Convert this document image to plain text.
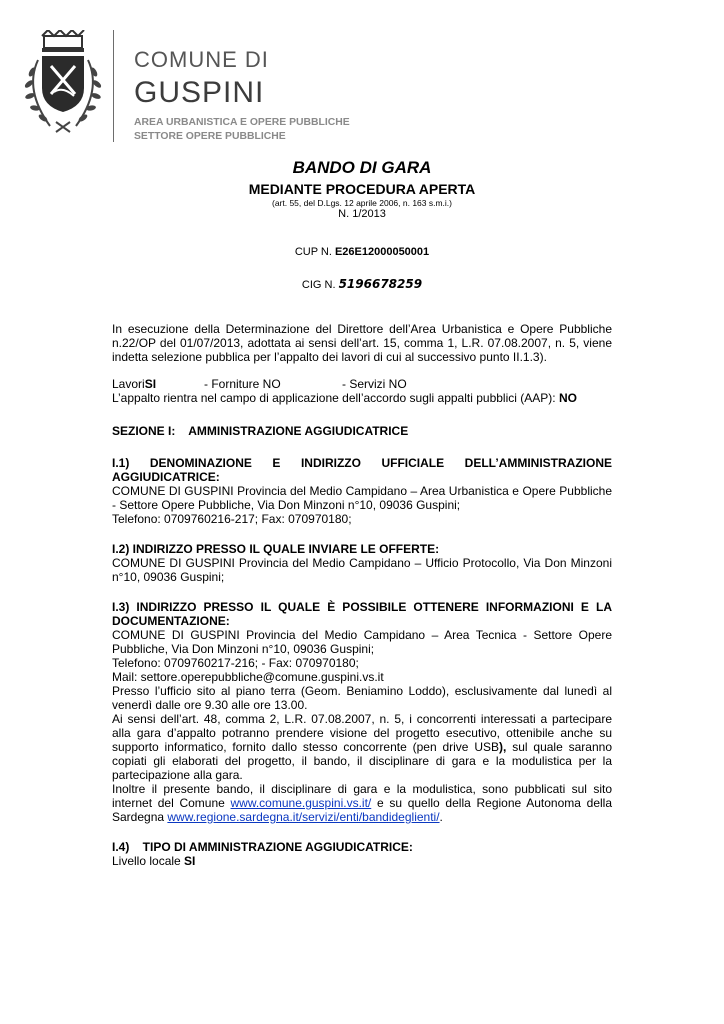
COMUNE DI
GUSPINI
AREA URBANISTICA E OPERE PUBBLICHE
SETTORE OPERE PUBBLICHE
BANDO DI GARA
MEDIANTE PROCEDURA APERTA
(art. 55, del D.Lgs. 12 aprile 2006, n. 163 s.m.i.)
N. 1/2013
CUP N. E26E12000050001
CIG N. 5196678259

In esecuzione della Determinazione del Direttore dell’Area Urbanistica e Opere Pubbliche n.22/OP del 01/07/2013, adottata ai sensi dell’art. 15, comma 1, L.R. 07.08.2007, n. 5, viene indetta selezione pubblica per l’appalto dei lavori di cui al successivo punto II.1.3).

LavoriSI	- Forniture NO	- Servizi NO

L’appalto rientra nel campo di applicazione dell’accordo sugli appalti pubblici (AAP): NO

SEZIONE I:    AMMINISTRAZIONE AGGIUDICATRICE

I.1)    DENOMINAZIONE    E    INDIRIZZO    UFFICIALE    DELL’AMMINISTRAZIONE

AGGIUDICATRICE:

COMUNE DI GUSPINI Provincia del Medio Campidano – Area Urbanistica e Opere Pubbliche - Settore Opere Pubbliche, Via Don Minzoni n°10, 09036 Guspini;

Telefono: 0709760216-217; Fax: 070970180;

I.2) INDIRIZZO PRESSO IL QUALE INVIARE LE OFFERTE:

COMUNE DI GUSPINI Provincia del Medio Campidano – Ufficio Protocollo, Via Don Minzoni n°10, 09036 Guspini;

I.3) INDIRIZZO PRESSO IL QUALE È POSSIBILE OTTENERE INFORMAZIONI E LA DOCUMENTAZIONE:

COMUNE DI GUSPINI Provincia del Medio Campidano – Area Tecnica - Settore Opere Pubbliche, Via Don Minzoni n°10, 09036 Guspini;

Telefono: 0709760217-216; - Fax: 070970180;

Mail: settore.operepubbliche@comune.guspini.vs.it

Presso l’ufficio sito al piano terra (Geom. Beniamino Loddo), esclusivamente dal lunedì al venerdì dalle ore 9.30 alle ore 13.00.

Ai sensi dell’art. 48, comma 2, L.R. 07.08.2007, n. 5, i concorrenti interessati a partecipare alla gara d’appalto potranno prendere visione del progetto esecutivo, ottenibile anche su supporto informatico, fornito dallo stesso concorrente (pen drive USB), sul quale saranno copiati gli elaborati del progetto, il bando, il disciplinare di gara e la modulistica per la partecipazione alla gara.

Inoltre il presente bando, il disciplinare di gara e la modulistica, sono pubblicati sul sito internet del Comune www.comune.guspini.vs.it/ e su quello della Regione Autonoma della Sardegna www.regione.sardegna.it/servizi/enti/bandideglienti/.

I.4)    TIPO DI AMMINISTRAZIONE AGGIUDICATRICE:

Livello locale SI
